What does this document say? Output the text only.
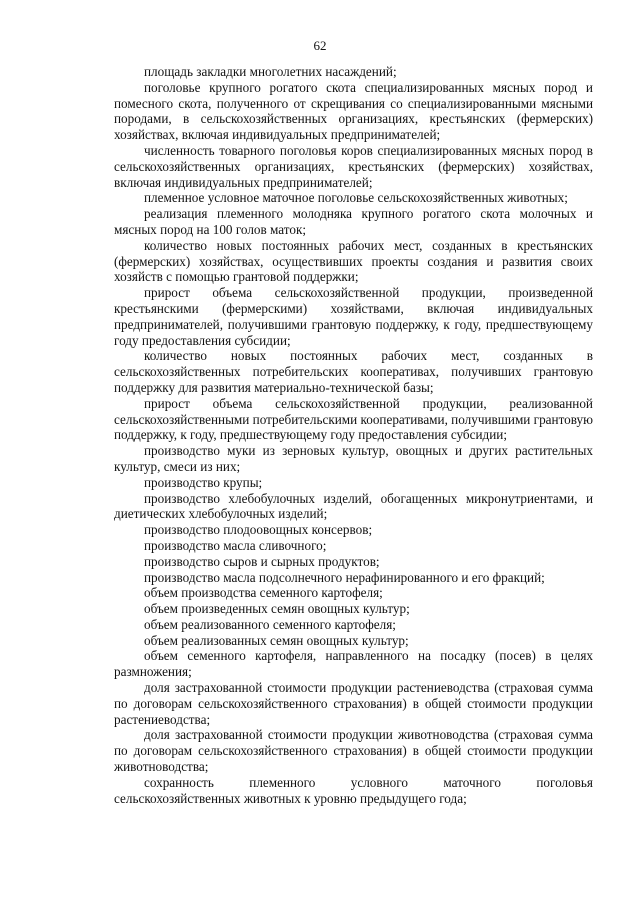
62

площадь закладки многолетних насаждений;

поголовье крупного рогатого скота специализированных мясных пород и помесного скота, полученного от скрещивания со специализированными мясными породами, в сельскохозяйственных организациях, крестьянских (фермерских) хозяйствах, включая индивидуальных предпринимателей;

численность товарного поголовья коров специализированных мясных пород в сельскохозяйственных организациях, крестьянских (фермерских) хозяйствах, включая индивидуальных предпринимателей;

племенное условное маточное поголовье сельскохозяйственных животных;

реализация племенного молодняка крупного рогатого скота молочных и мясных пород на 100 голов маток;

количество новых постоянных рабочих мест, созданных в крестьянских (фермерских) хозяйствах, осуществивших проекты создания и развития своих хозяйств с помощью грантовой поддержки;

прирост объема сельскохозяйственной продукции, произведенной крестьянскими (фермерскими) хозяйствами, включая индивидуальных предпринимателей, получившими грантовую поддержку, к году, предшествующему году предоставления субсидии;

количество новых постоянных рабочих мест, созданных в сельскохозяйственных потребительских кооперативах, получивших грантовую поддержку для развития материально-технической базы;

прирост объема сельскохозяйственной продукции, реализованной сельскохозяйственными потребительскими кооперативами, получившими грантовую поддержку, к году, предшествующему году предоставления субсидии;

производство муки из зерновых культур, овощных и других растительных культур, смеси из них;

производство крупы;

производство хлебобулочных изделий, обогащенных микронутриентами, и диетических хлебобулочных изделий;

производство плодоовощных консервов;

производство масла сливочного;

производство сыров и сырных продуктов;

производство масла подсолнечного нерафинированного и его фракций;

объем производства семенного картофеля;

объем произведенных семян овощных культур;

объем реализованного семенного картофеля;

объем реализованных семян овощных культур;

объем семенного картофеля, направленного на посадку (посев) в целях размножения;

доля застрахованной стоимости продукции растениеводства (страховая сумма по договорам сельскохозяйственного страхования) в общей стоимости продукции растениеводства;

доля застрахованной стоимости продукции животноводства (страховая сумма по договорам сельскохозяйственного страхования) в общей стоимости продукции животноводства;

сохранность племенного условного маточного поголовья сельскохозяйственных животных к уровню предыдущего года;
